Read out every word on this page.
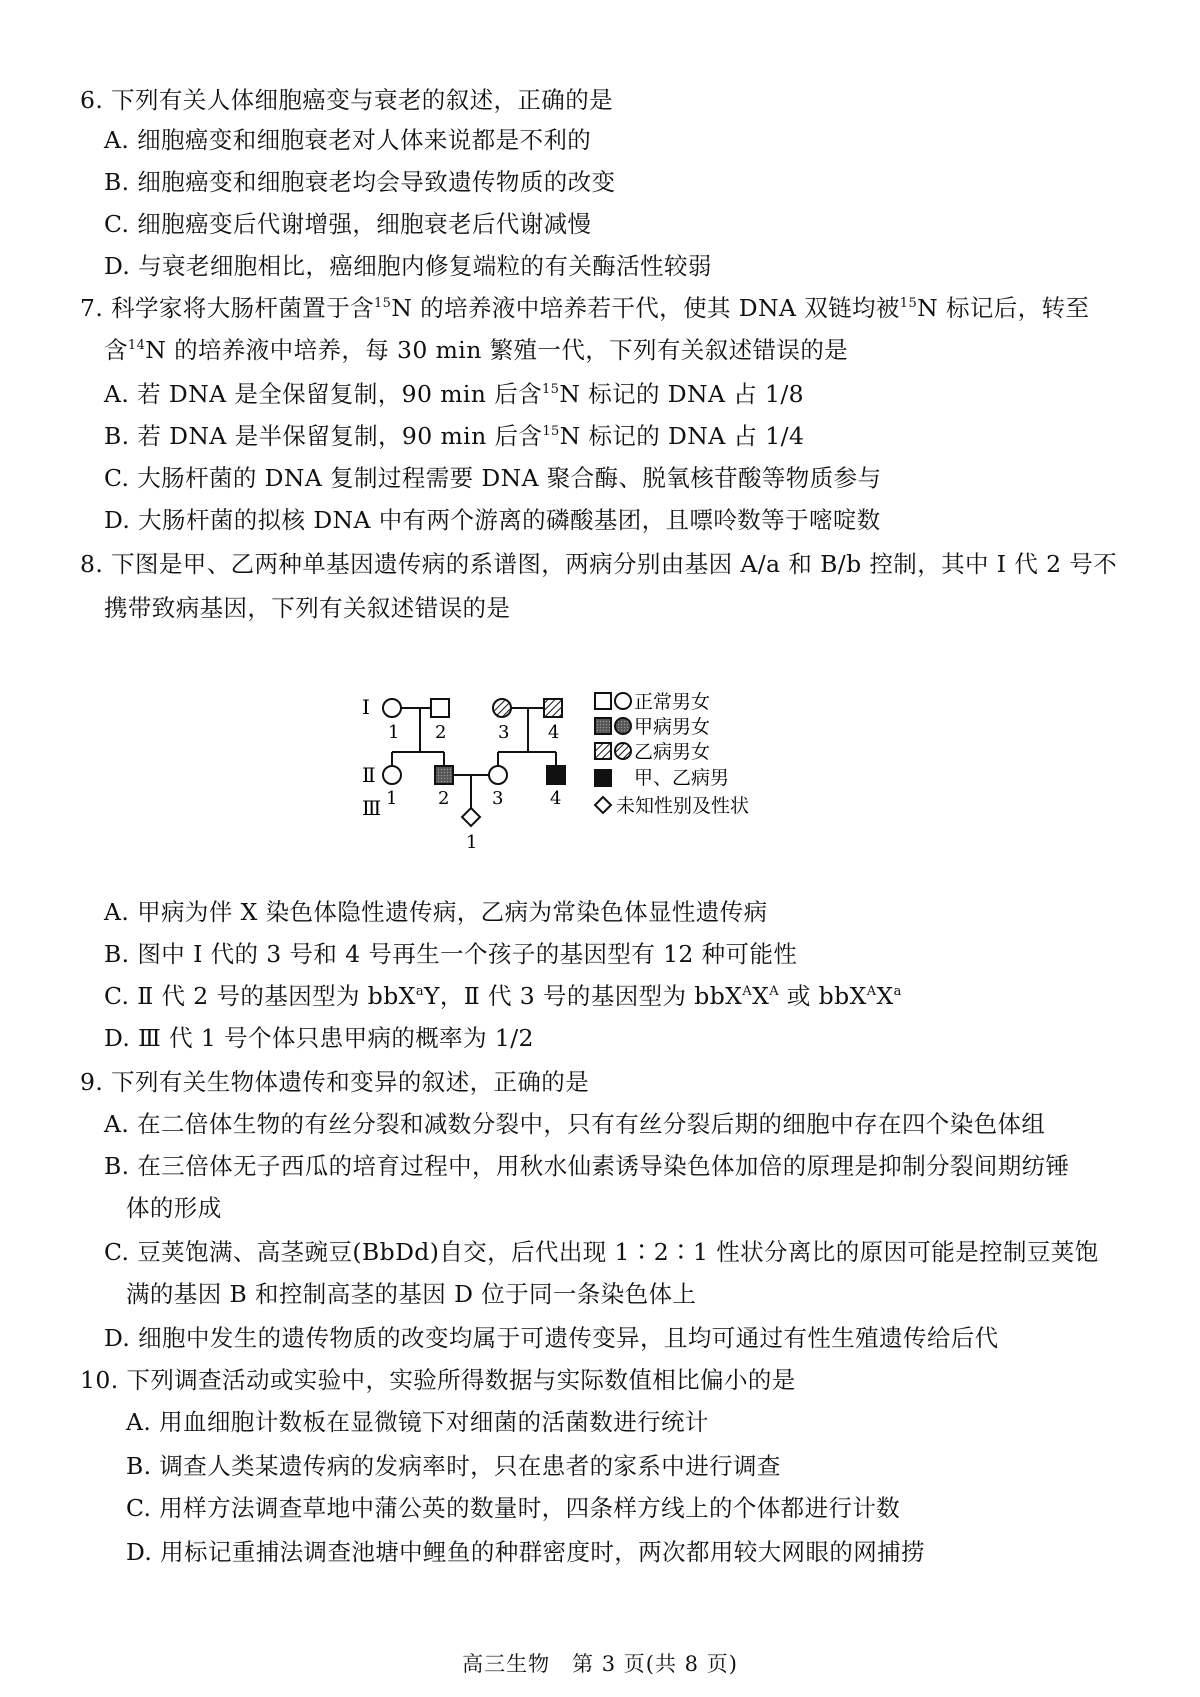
6. 下列有关人体细胞癌变与衰老的叙述，正确的是
A. 细胞癌变和细胞衰老对人体来说都是不利的
B. 细胞癌变和细胞衰老均会导致遗传物质的改变
C. 细胞癌变后代谢增强，细胞衰老后代谢减慢
D. 与衰老细胞相比，癌细胞内修复端粒的有关酶活性较弱
7. 科学家将大肠杆菌置于含$^{15}$N 的培养液中培养若干代，使其 DNA 双链均被$^{15}$N 标记后，转至
含$^{14}$N 的培养液中培养，每 30 min 繁殖一代，下列有关叙述错误的是
A. 若 DNA 是全保留复制，90 min 后含$^{15}$N 标记的 DNA 占 1/8
B. 若 DNA 是半保留复制，90 min 后含$^{15}$N 标记的 DNA 占 1/4
C. 大肠杆菌的 DNA 复制过程需要 DNA 聚合酶、脱氧核苷酸等物质参与
D. 大肠杆菌的拟核 DNA 中有两个游离的磷酸基团，且嘌呤数等于嘧啶数
8. 下图是甲、乙两种单基因遗传病的系谱图，两病分别由基因 A/a 和 B/b 控制，其中 Ⅰ 代 2 号不
携带致病基因，下列有关叙述错误的是
Ⅰ
Ⅱ
Ⅲ
1 2	3 4
1 2 3	4
1
正常男女
甲病男女
乙病男女
甲、乙病男
未知性别及性状
A. 甲病为伴 X 染色体隐性遗传病，乙病为常染色体显性遗传病
B. 图中 Ⅰ 代的 3 号和 4 号再生一个孩子的基因型有 12 种可能性
C. Ⅱ 代 2 号的基因型为 bbX$^a$Y，Ⅱ 代 3 号的基因型为 $bbX^AX^A$ 或 $bbX^AX^a$
D. Ⅲ 代 1 号个体只患甲病的概率为 1/2
9. 下列有关生物体遗传和变异的叙述，正确的是
A. 在二倍体生物的有丝分裂和减数分裂中，只有有丝分裂后期的细胞中存在四个染色体组
B. 在三倍体无子西瓜的培育过程中，用秋水仙素诱导染色体加倍的原理是抑制分裂间期纺锤
体的形成
C. 豆荚饱满、高茎豌豆(BbDd)自交，后代出现 1∶2∶1 性状分离比的原因可能是控制豆荚饱
满的基因 B 和控制高茎的基因 D 位于同一条染色体上
D. 细胞中发生的遗传物质的改变均属于可遗传变异，且均可通过有性生殖遗传给后代
10. 下列调查活动或实验中，实验所得数据与实际数值相比偏小的是
A. 用血细胞计数板在显微镜下对细菌的活菌数进行统计
B. 调查人类某遗传病的发病率时，只在患者的家系中进行调查
C. 用样方法调查草地中蒲公英的数量时，四条样方线上的个体都进行计数
D. 用标记重捕法调查池塘中鲤鱼的种群密度时，两次都用较大网眼的网捕捞
高三生物　第 3 页(共 8 页)
